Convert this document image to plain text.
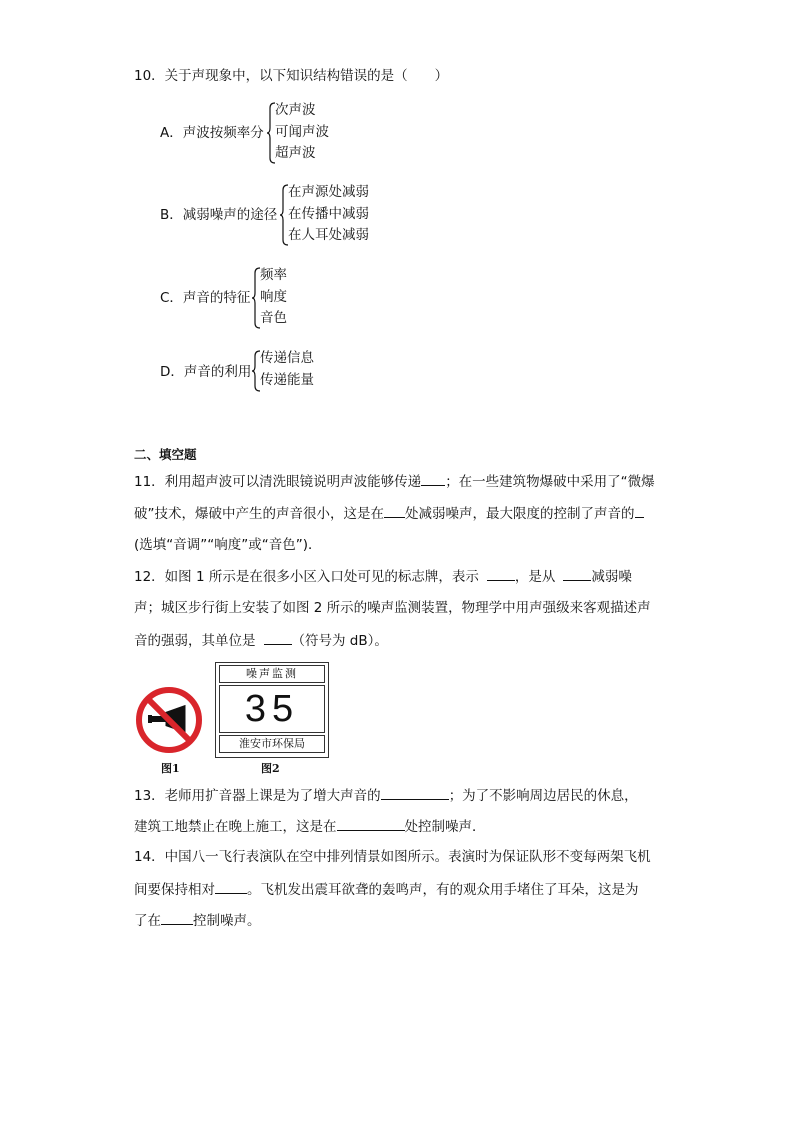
10．关于声现象中，以下知识结构错误的是（　　）
A．声波按频率分
次声波
可闻声波
超声波
B．减弱噪声的途径
在声源处减弱
在传播中减弱
在人耳处减弱
C．声音的特征
频率
响度
音色
D．声音的利用
传递信息
传递能量
二、填空题
11．利用超声波可以清洗眼镜说明声波能够传递 ；在一些建筑物爆破中采用了“微爆
破”技术，爆破中产生的声音很小，这是在 处减弱噪声，最大限度的控制了声音的
(选填“音调”“响度”或“音色”)．
12．如图 1 所示是在很多小区入口处可见的标志牌，表示	，是从	减弱噪
声；城区步行街上安装了如图 2 所示的噪声监测装置，物理学中用声强级来客观描述声
音的强弱，其单位是	（符号为 dB）。
图1
噪声监测
35
淮安市环保局
图2
13．老师用扩音器上课是为了增大声音的	；为了不影响周边居民的休息，
建筑工地禁止在晚上施工，这是在	处控制噪声．
14．中国八一飞行表演队在空中排列情景如图所示。表演时为保证队形不变每两架飞机
间要保持相对 。飞机发出震耳欲聋的轰鸣声，有的观众用手堵住了耳朵，这是为
了在 控制噪声。
